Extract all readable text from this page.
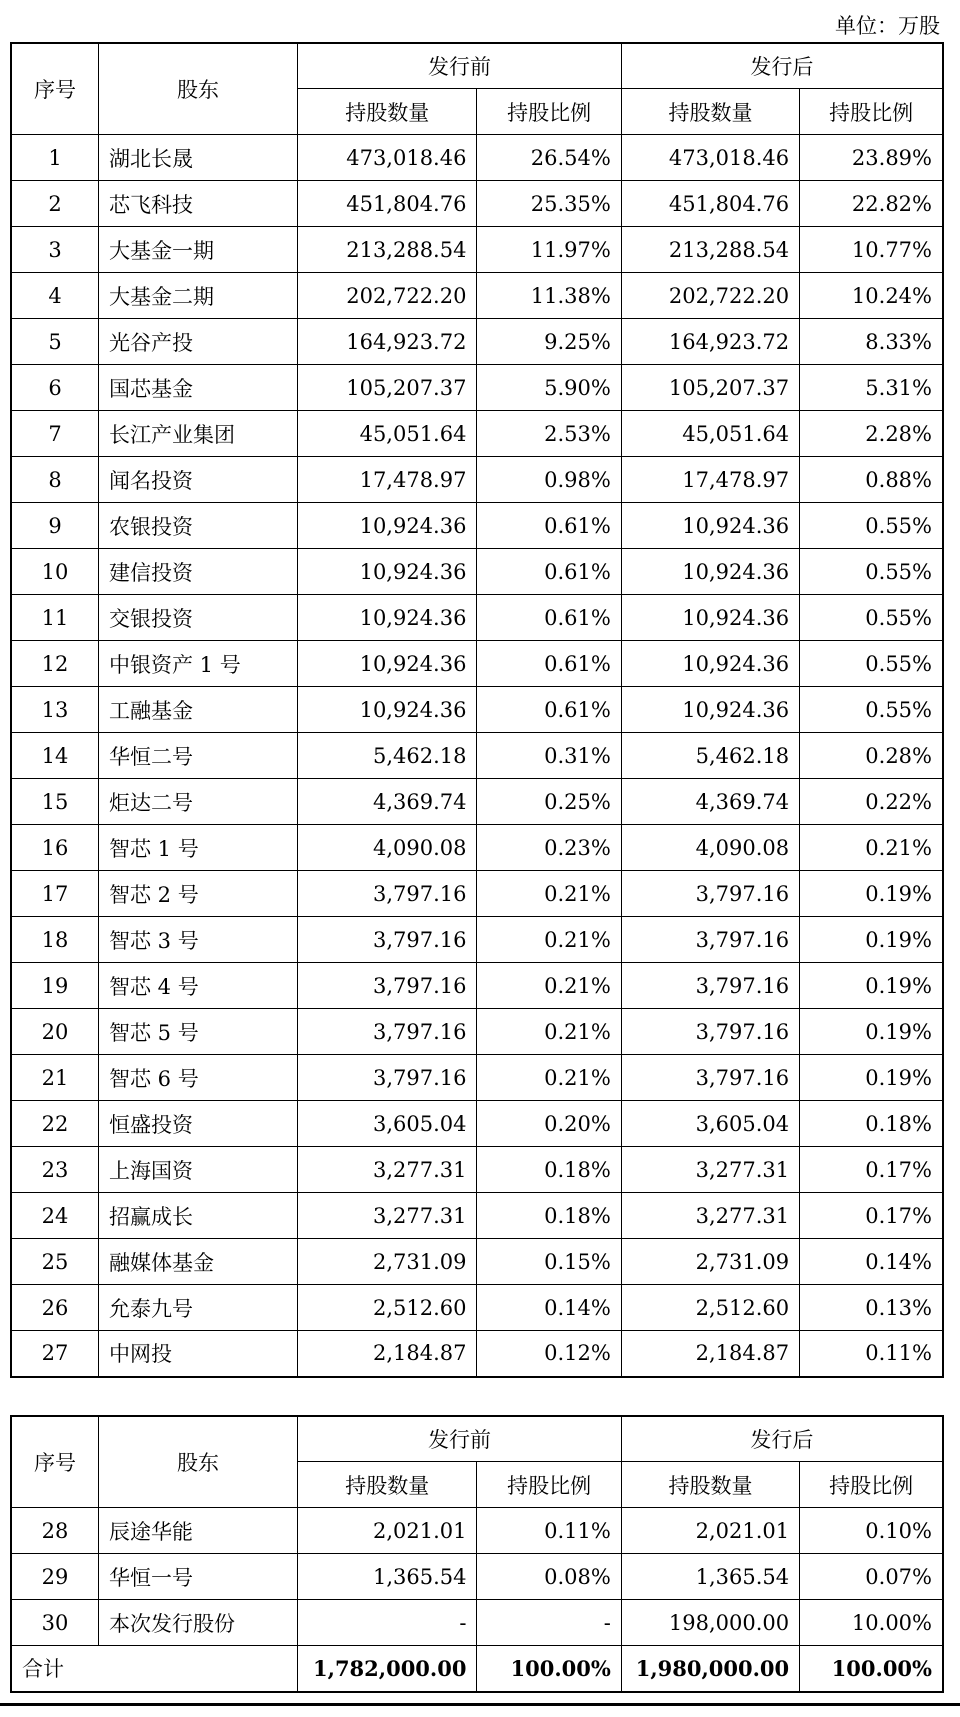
单位：万股
序号	股东	发行前		发行后	
		持股数量	持股比例	持股数量	持股比例
1	湖北长晟	473,018.46	26.54%	473,018.46	23.89%
2	芯飞科技	451,804.76	25.35%	451,804.76	22.82%
3	大基金一期	213,288.54	11.97%	213,288.54	10.77%
4	大基金二期	202,722.20	11.38%	202,722.20	10.24%
5	光谷产投	164,923.72	9.25%	164,923.72	8.33%
6	国芯基金	105,207.37	5.90%	105,207.37	5.31%
7	长江产业集团	45,051.64	2.53%	45,051.64	2.28%
8	闻名投资	17,478.97	0.98%	17,478.97	0.88%
9	农银投资	10,924.36	0.61%	10,924.36	0.55%
10	建信投资	10,924.36	0.61%	10,924.36	0.55%
11	交银投资	10,924.36	0.61%	10,924.36	0.55%
12	中银资产 1 号	10,924.36	0.61%	10,924.36	0.55%
13	工融基金	10,924.36	0.61%	10,924.36	0.55%
14	华恒二号	5,462.18	0.31%	5,462.18	0.28%
15	炬达二号	4,369.74	0.25%	4,369.74	0.22%
16	智芯 1 号	4,090.08	0.23%	4,090.08	0.21%
17	智芯 2 号	3,797.16	0.21%	3,797.16	0.19%
18	智芯 3 号	3,797.16	0.21%	3,797.16	0.19%
19	智芯 4 号	3,797.16	0.21%	3,797.16	0.19%
20	智芯 5 号	3,797.16	0.21%	3,797.16	0.19%
21	智芯 6 号	3,797.16	0.21%	3,797.16	0.19%
22	恒盛投资	3,605.04	0.20%	3,605.04	0.18%
23	上海国资	3,277.31	0.18%	3,277.31	0.17%
24	招赢成长	3,277.31	0.18%	3,277.31	0.17%
25	融媒体基金	2,731.09	0.15%	2,731.09	0.14%
26	允泰九号	2,512.60	0.14%	2,512.60	0.13%
27	中网投	2,184.87	0.12%	2,184.87	0.11%
序号	股东	发行前		发行后	
		持股数量	持股比例	持股数量	持股比例
28	辰途华能	2,021.01	0.11%	2,021.01	0.10%
29	华恒一号	1,365.54	0.08%	1,365.54	0.07%
30	本次发行股份	-	-	198,000.00	10.00%
合计		1,782,000.00	100.00%	1,980,000.00	100.00%
